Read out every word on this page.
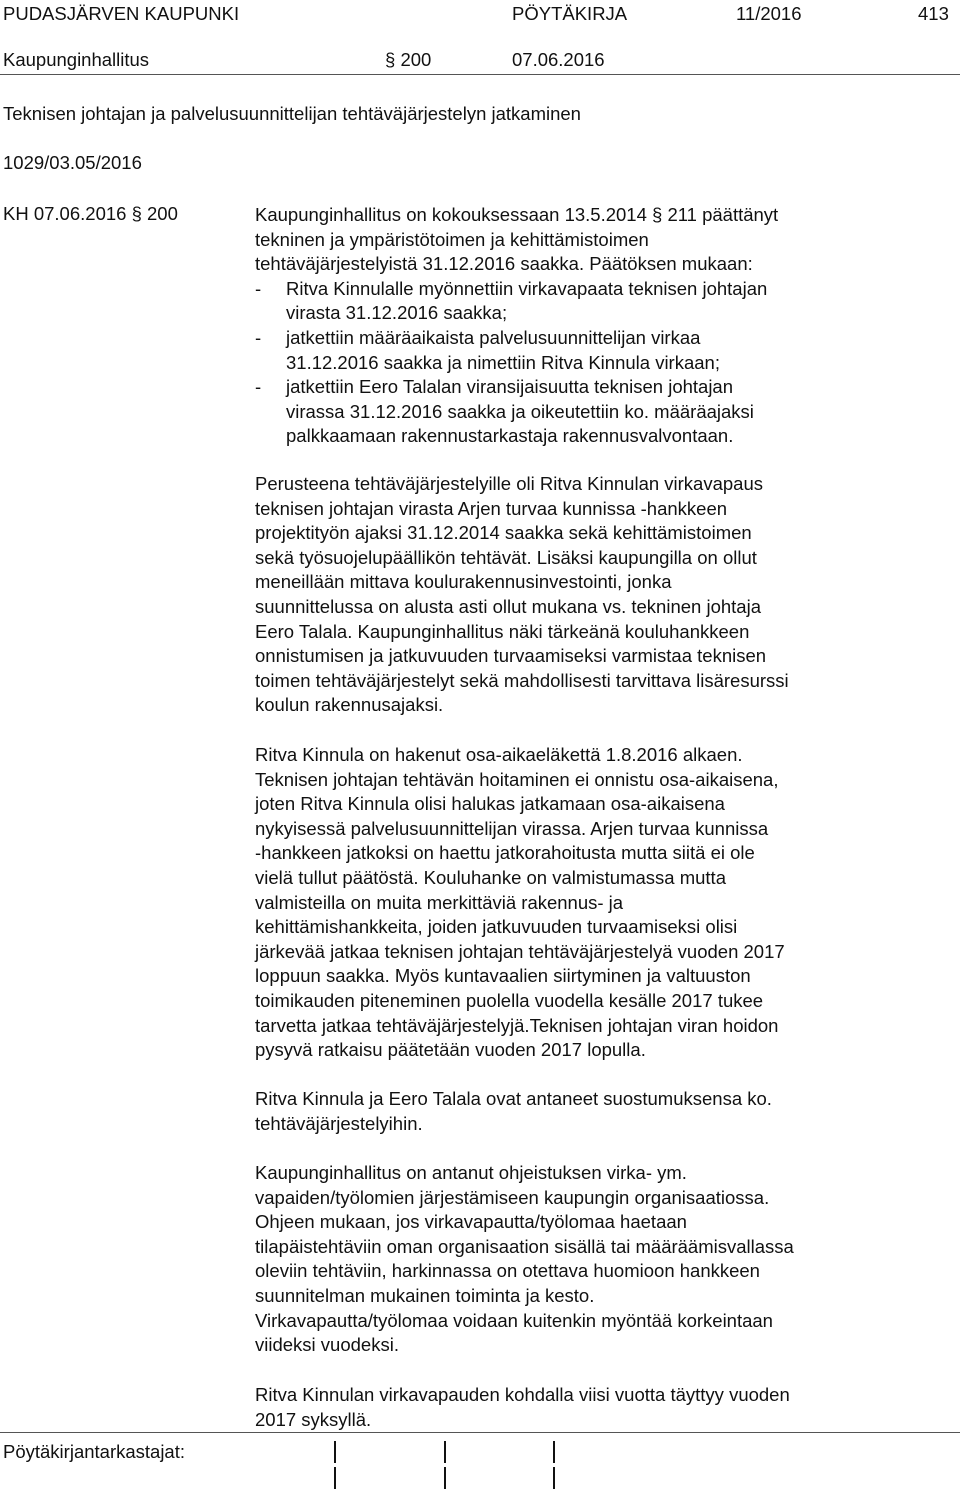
PUDASJÄRVEN KAUPUNKI	PÖYTÄKIRJA	11/2016	413
Kaupunginhallitus	§ 200	07.06.2016
Teknisen johtajan ja palvelusuunnittelijan tehtäväjärjestelyn jatkaminen
1029/03.05/2016
KH 07.06.2016 § 200	Kaupunginhallitus on kokouksessaan 13.5.2014 § 211 päättänyt

tekninen ja ympäristötoimen ja kehittämistoimen

tehtäväjärjestelyistä 31.12.2016 saakka. Päätöksen mukaan:

-	Ritva Kinnulalle myönnettiin virkavapaata teknisen johtajan

virasta 31.12.2016 saakka;

-	jatkettiin määräaikaista palvelusuunnittelijan virkaa

31.12.2016 saakka ja nimettiin Ritva Kinnula virkaan;

-	jatkettiin Eero Talalan viransijaisuutta teknisen johtajan

virassa 31.12.2016 saakka ja oikeutettiin ko. määräajaksi

palkkaamaan rakennustarkastaja rakennusvalvontaan.

Perusteena tehtäväjärjestelyille oli Ritva Kinnulan virkavapaus

teknisen johtajan virasta Arjen turvaa kunnissa -hankkeen

projektityön ajaksi 31.12.2014 saakka sekä kehittämistoimen

sekä työsuojelupäällikön tehtävät. Lisäksi kaupungilla on ollut

meneillään mittava koulurakennusinvestointi, jonka

suunnittelussa on alusta asti ollut mukana vs. tekninen johtaja

Eero Talala. Kaupunginhallitus näki tärkeänä kouluhankkeen

onnistumisen ja jatkuvuuden turvaamiseksi varmistaa teknisen

toimen tehtäväjärjestelyt sekä mahdollisesti tarvittava lisäresurssi

koulun rakennusajaksi.

Ritva Kinnula on hakenut osa-aikaeläkettä 1.8.2016 alkaen.

Teknisen johtajan tehtävän hoitaminen ei onnistu osa-aikaisena,

joten Ritva Kinnula olisi halukas jatkamaan osa-aikaisena

nykyisessä palvelusuunnittelijan virassa. Arjen turvaa kunnissa

-hankkeen jatkoksi on haettu jatkorahoitusta mutta siitä ei ole

vielä tullut päätöstä. Kouluhanke on valmistumassa mutta

valmisteilla on muita merkittäviä rakennus- ja

kehittämishankkeita, joiden jatkuvuuden turvaamiseksi olisi

järkevää jatkaa teknisen johtajan tehtäväjärjestelyä vuoden 2017

loppuun saakka. Myös kuntavaalien siirtyminen ja valtuuston

toimikauden piteneminen puolella vuodella kesälle 2017 tukee

tarvetta jatkaa tehtäväjärjestelyjä.Teknisen johtajan viran hoidon

pysyvä ratkaisu päätetään vuoden 2017 lopulla.

Ritva Kinnula ja Eero Talala ovat antaneet suostumuksensa ko.

tehtäväjärjestelyihin.

Kaupunginhallitus on antanut ohjeistuksen virka- ym.

vapaiden/työlomien järjestämiseen kaupungin organisaatiossa.

Ohjeen mukaan, jos virkavapautta/työlomaa haetaan

tilapäistehtäviin oman organisaation sisällä tai määräämisvallassa

oleviin tehtäviin, harkinnassa on otettava huomioon hankkeen

suunnitelman mukainen toiminta ja kesto.

Virkavapautta/työlomaa voidaan kuitenkin myöntää korkeintaan

viideksi vuodeksi.

Ritva Kinnulan virkavapauden kohdalla viisi vuotta täyttyy vuoden

2017 syksyllä.

Pöytäkirjantarkastajat:
